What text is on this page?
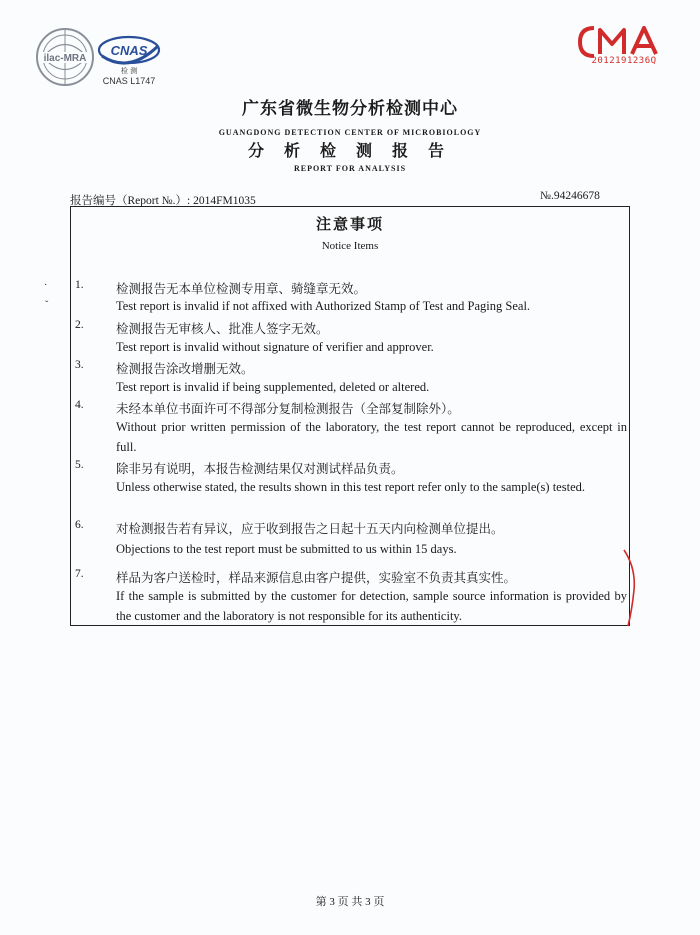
ilac-MRA
CNAS
检 测
CNAS L1747
2012191236Q
广东省微生物分析检测中心
GUANGDONG DETECTION CENTER OF MICROBIOLOGY
分 析 检 测 报 告
REPORT FOR ANALYSIS
报告编号（Report №.）: 2014FM1035	№.94246678
注意事项
Notice Items
1.	检测报告无本单位检测专用章、骑缝章无效。
Test report is invalid if not affixed with Authorized Stamp of Test and Paging Seal.
2.	检测报告无审核人、批准人签字无效。
Test report is invalid without signature of verifier and approver.
3.	检测报告涂改增删无效。
Test report is invalid if being supplemented, deleted or altered.
4.	未经本单位书面许可不得部分复制检测报告（全部复制除外）。
Without prior written permission of the laboratory, the test report cannot be reproduced, except in full.
5.	除非另有说明，本报告检测结果仅对测试样品负责。
Unless otherwise stated, the results shown in this test report refer only to the sample(s) tested.
6.	对检测报告若有异议，应于收到报告之日起十五天内向检测单位提出。
Objections to the test report must be submitted to us within 15 days.
7.	样品为客户送检时，样品来源信息由客户提供，实验室不负责其真实性。
If the sample is submitted by the customer for detection, sample source information is provided by the customer and the laboratory is not responsible for its authenticity.
·
ˇ
第 3 页 共 3 页
